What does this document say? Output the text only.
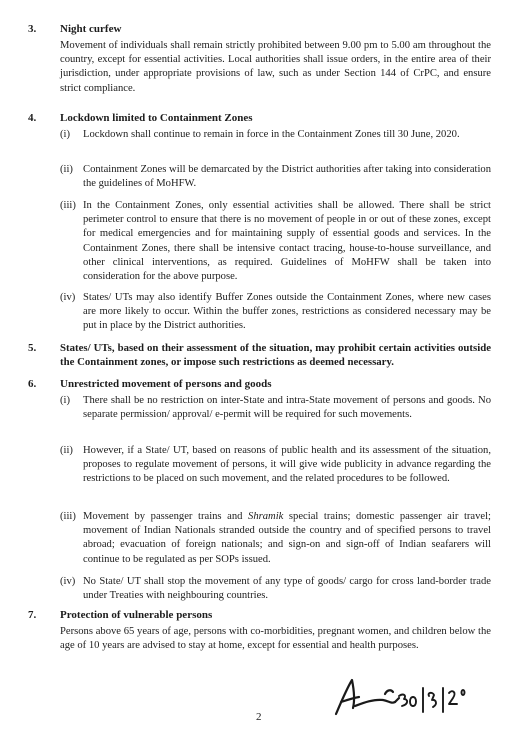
3. Night curfew
Movement of individuals shall remain strictly prohibited between 9.00 pm to 5.00 am throughout the country, except for essential activities. Local authorities shall issue orders, in the entire area of their jurisdiction, under appropriate provisions of law, such as under Section 144 of CrPC, and ensure strict compliance.
4. Lockdown limited to Containment Zones
(i) Lockdown shall continue to remain in force in the Containment Zones till 30 June, 2020.
(ii) Containment Zones will be demarcated by the District authorities after taking into consideration the guidelines of MoHFW.
(iii) In the Containment Zones, only essential activities shall be allowed. There shall be strict perimeter control to ensure that there is no movement of people in or out of these zones, except for medical emergencies and for maintaining supply of essential goods and services. In the Containment Zones, there shall be intensive contact tracing, house-to-house surveillance, and other clinical interventions, as required. Guidelines of MoHFW shall be taken into consideration for the above purpose.
(iv) States/ UTs may also identify Buffer Zones outside the Containment Zones, where new cases are more likely to occur. Within the buffer zones, restrictions as considered necessary may be put in place by the District authorities.
5. States/ UTs, based on their assessment of the situation, may prohibit certain activities outside the Containment zones, or impose such restrictions as deemed necessary.
6. Unrestricted movement of persons and goods
(i) There shall be no restriction on inter-State and intra-State movement of persons and goods. No separate permission/ approval/ e-permit will be required for such movements.
(ii) However, if a State/ UT, based on reasons of public health and its assessment of the situation, proposes to regulate movement of persons, it will give wide publicity in advance regarding the restrictions to be placed on such movement, and the related procedures to be followed.
(iii) Movement by passenger trains and Shramik special trains; domestic passenger air travel; movement of Indian Nationals stranded outside the country and of specified persons to travel abroad; evacuation of foreign nationals; and sign-on and sign-off of Indian seafarers will continue to be regulated as per SOPs issued.
(iv) No State/ UT shall stop the movement of any type of goods/ cargo for cross land-border trade under Treaties with neighbouring countries.
7. Protection of vulnerable persons
Persons above 65 years of age, persons with co-morbidities, pregnant women, and children below the age of 10 years are advised to stay at home, except for essential and health purposes.
2
